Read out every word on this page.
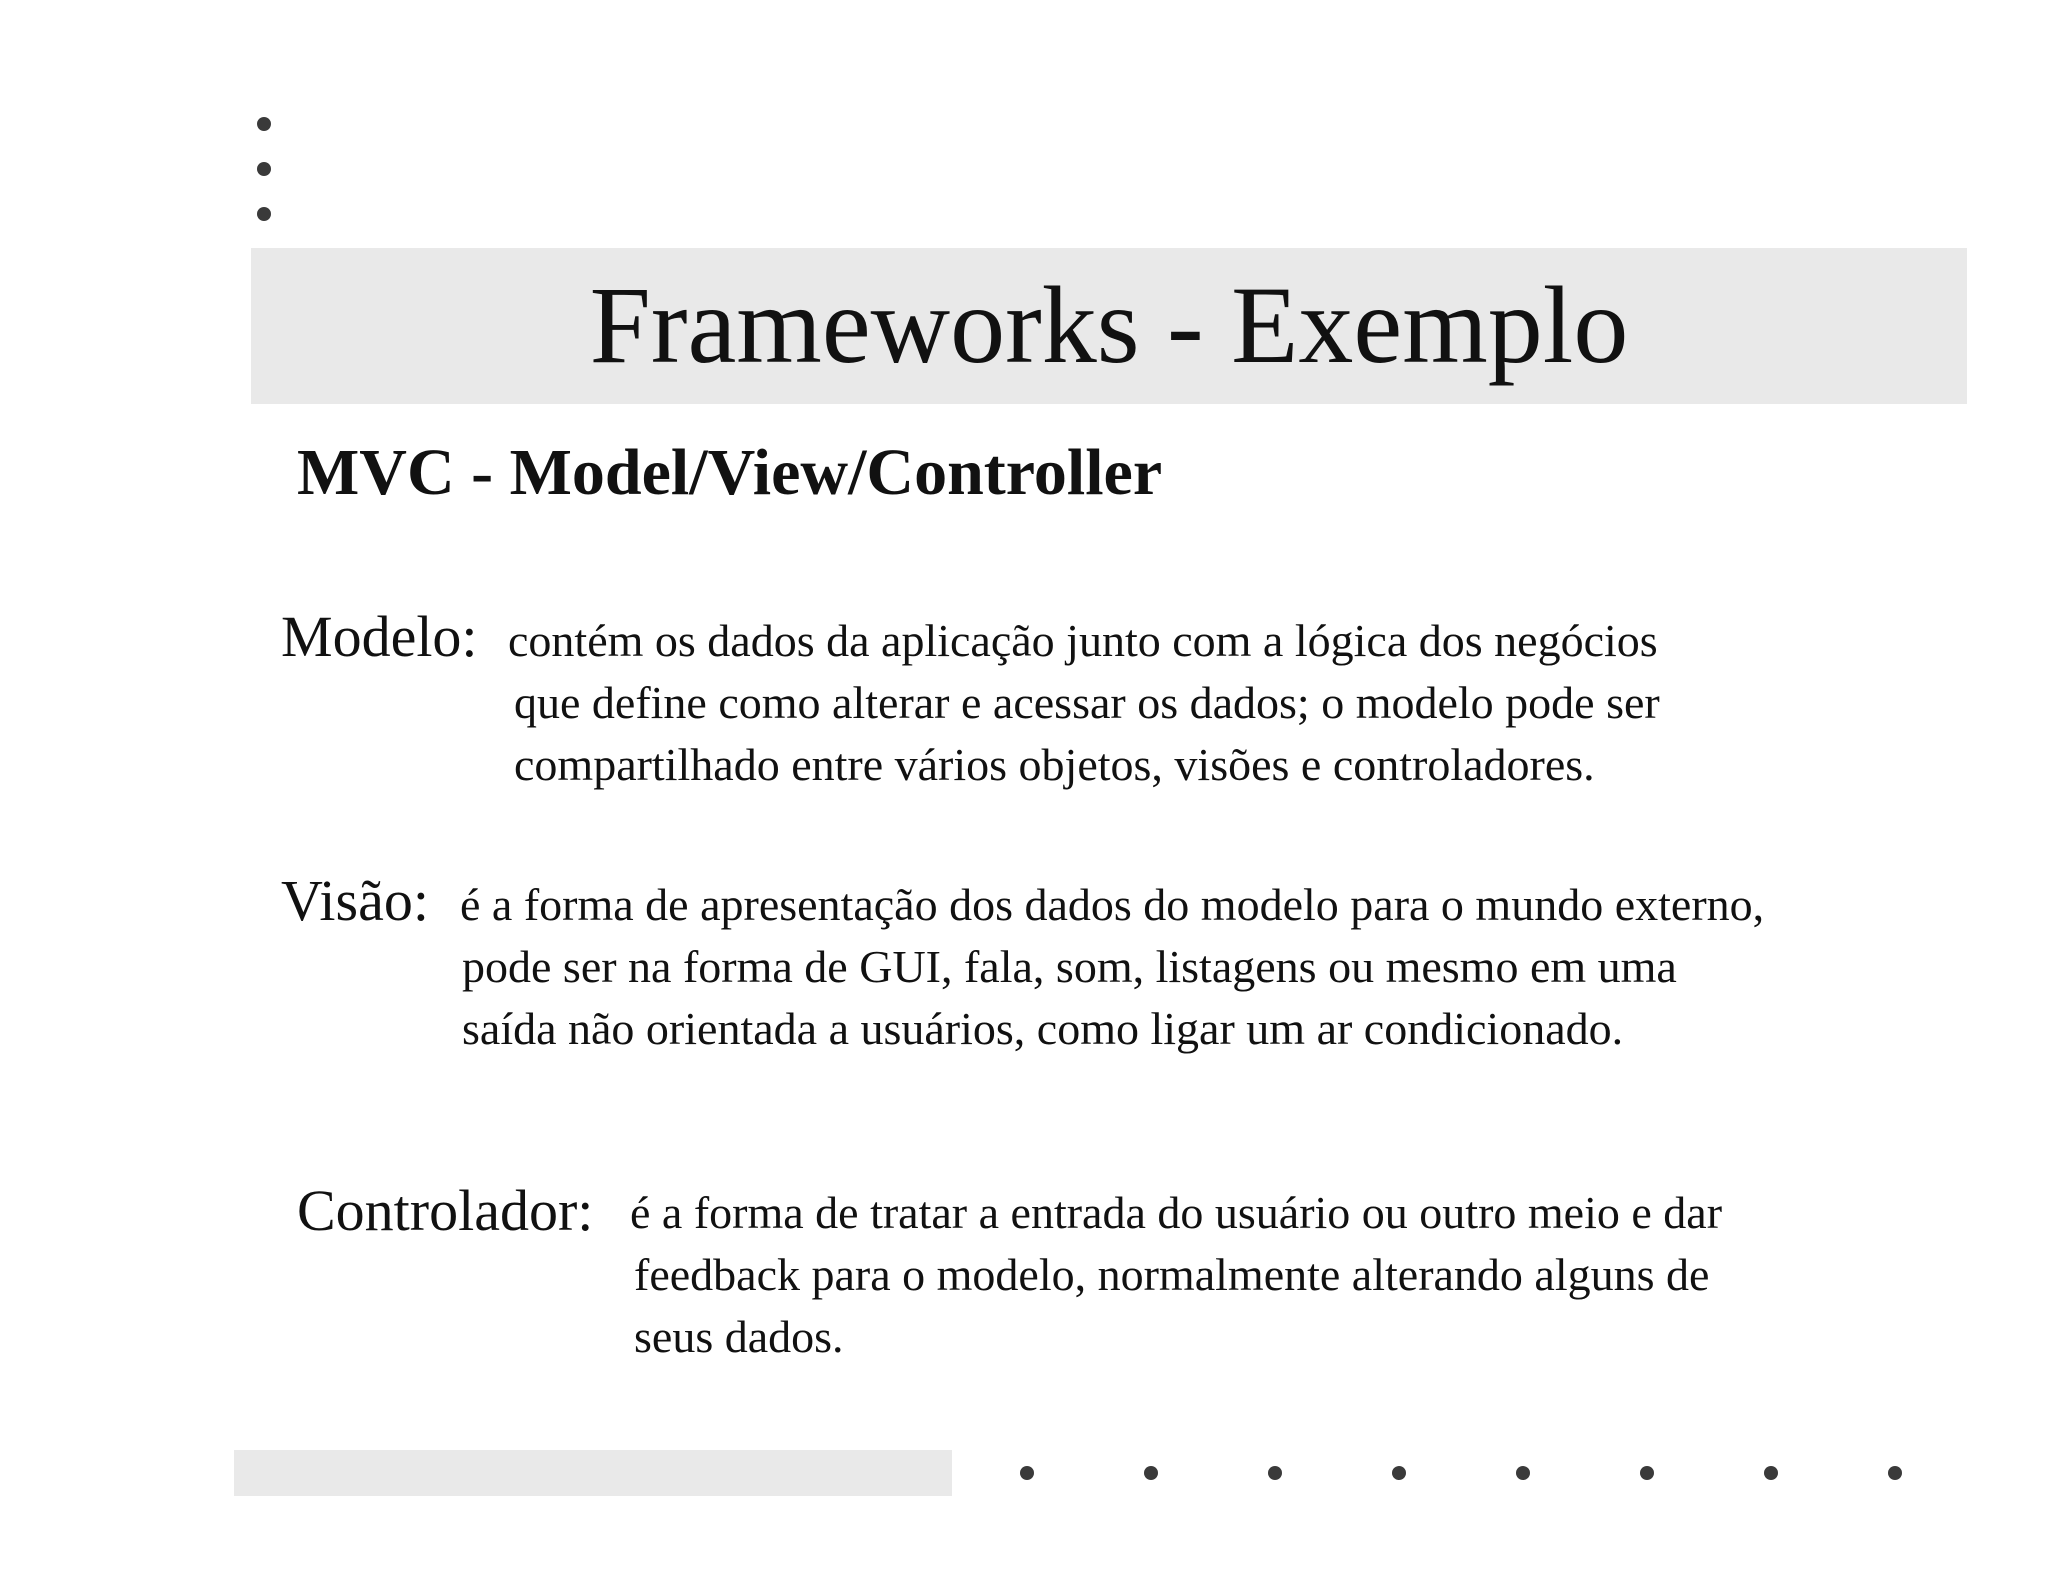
Frameworks - Exemplo
MVC - Model/View/Controller
Modelo: contém os dados da aplicação junto com a lógica dos negócios
que define como alterar e acessar os dados; o modelo pode ser
compartilhado entre vários objetos, visões e controladores.
Visão: é a forma de apresentação dos dados do modelo para o mundo externo,
pode ser na forma de GUI, fala, som, listagens ou mesmo em uma
saída não orientada a usuários, como ligar um ar condicionado.
Controlador: é a forma de tratar a entrada do usuário ou outro meio e dar
feedback para o modelo, normalmente alterando alguns de
seus dados.
